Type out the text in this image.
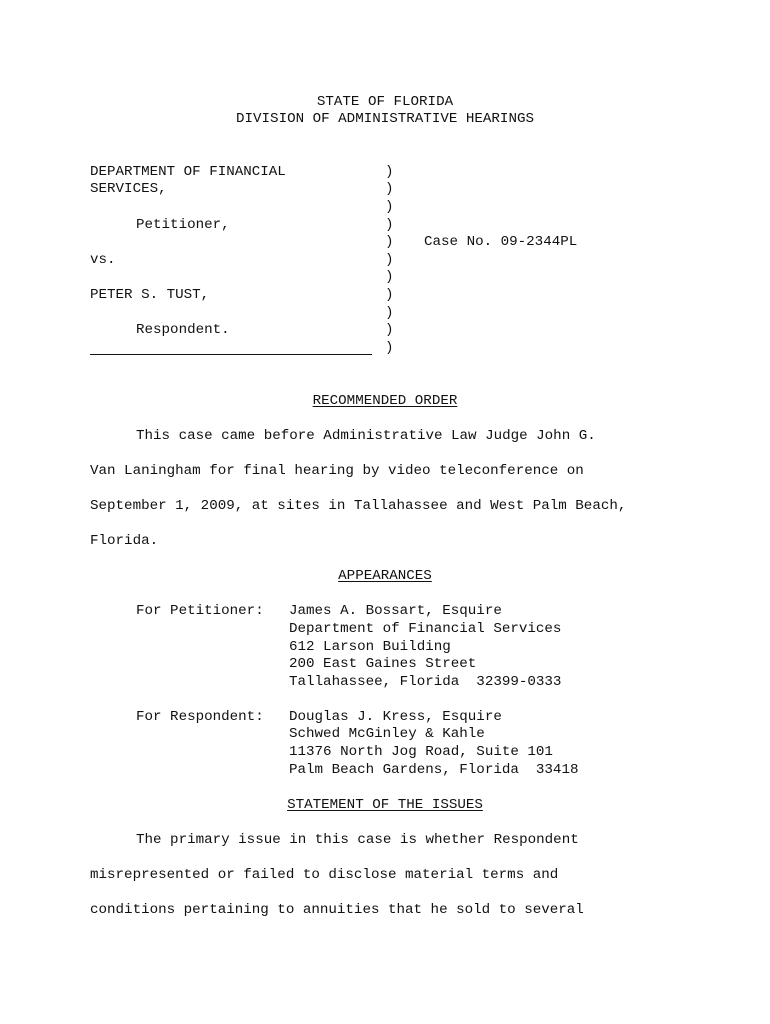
STATE OF FLORIDA
DIVISION OF ADMINISTRATIVE HEARINGS
DEPARTMENT OF FINANCIAL
SERVICES,
Petitioner,
vs.
PETER S. TUST,
Respondent.
)
)
)
)
)
)
)
)
)
)
)
Case No. 09-2344PL
RECOMMENDED ORDER
This case came before Administrative Law Judge John G.
Van Laningham for final hearing by video teleconference on
September 1, 2009, at sites in Tallahassee and West Palm Beach,
Florida.
APPEARANCES
For Petitioner: James A. Bossart, Esquire
Department of Financial Services
612 Larson Building
200 East Gaines Street
Tallahassee, Florida  32399-0333
For Respondent: Douglas J. Kress, Esquire
Schwed McGinley & Kahle
11376 North Jog Road, Suite 101
Palm Beach Gardens, Florida  33418
STATEMENT OF THE ISSUES
The primary issue in this case is whether Respondent
misrepresented or failed to disclose material terms and
conditions pertaining to annuities that he sold to several
